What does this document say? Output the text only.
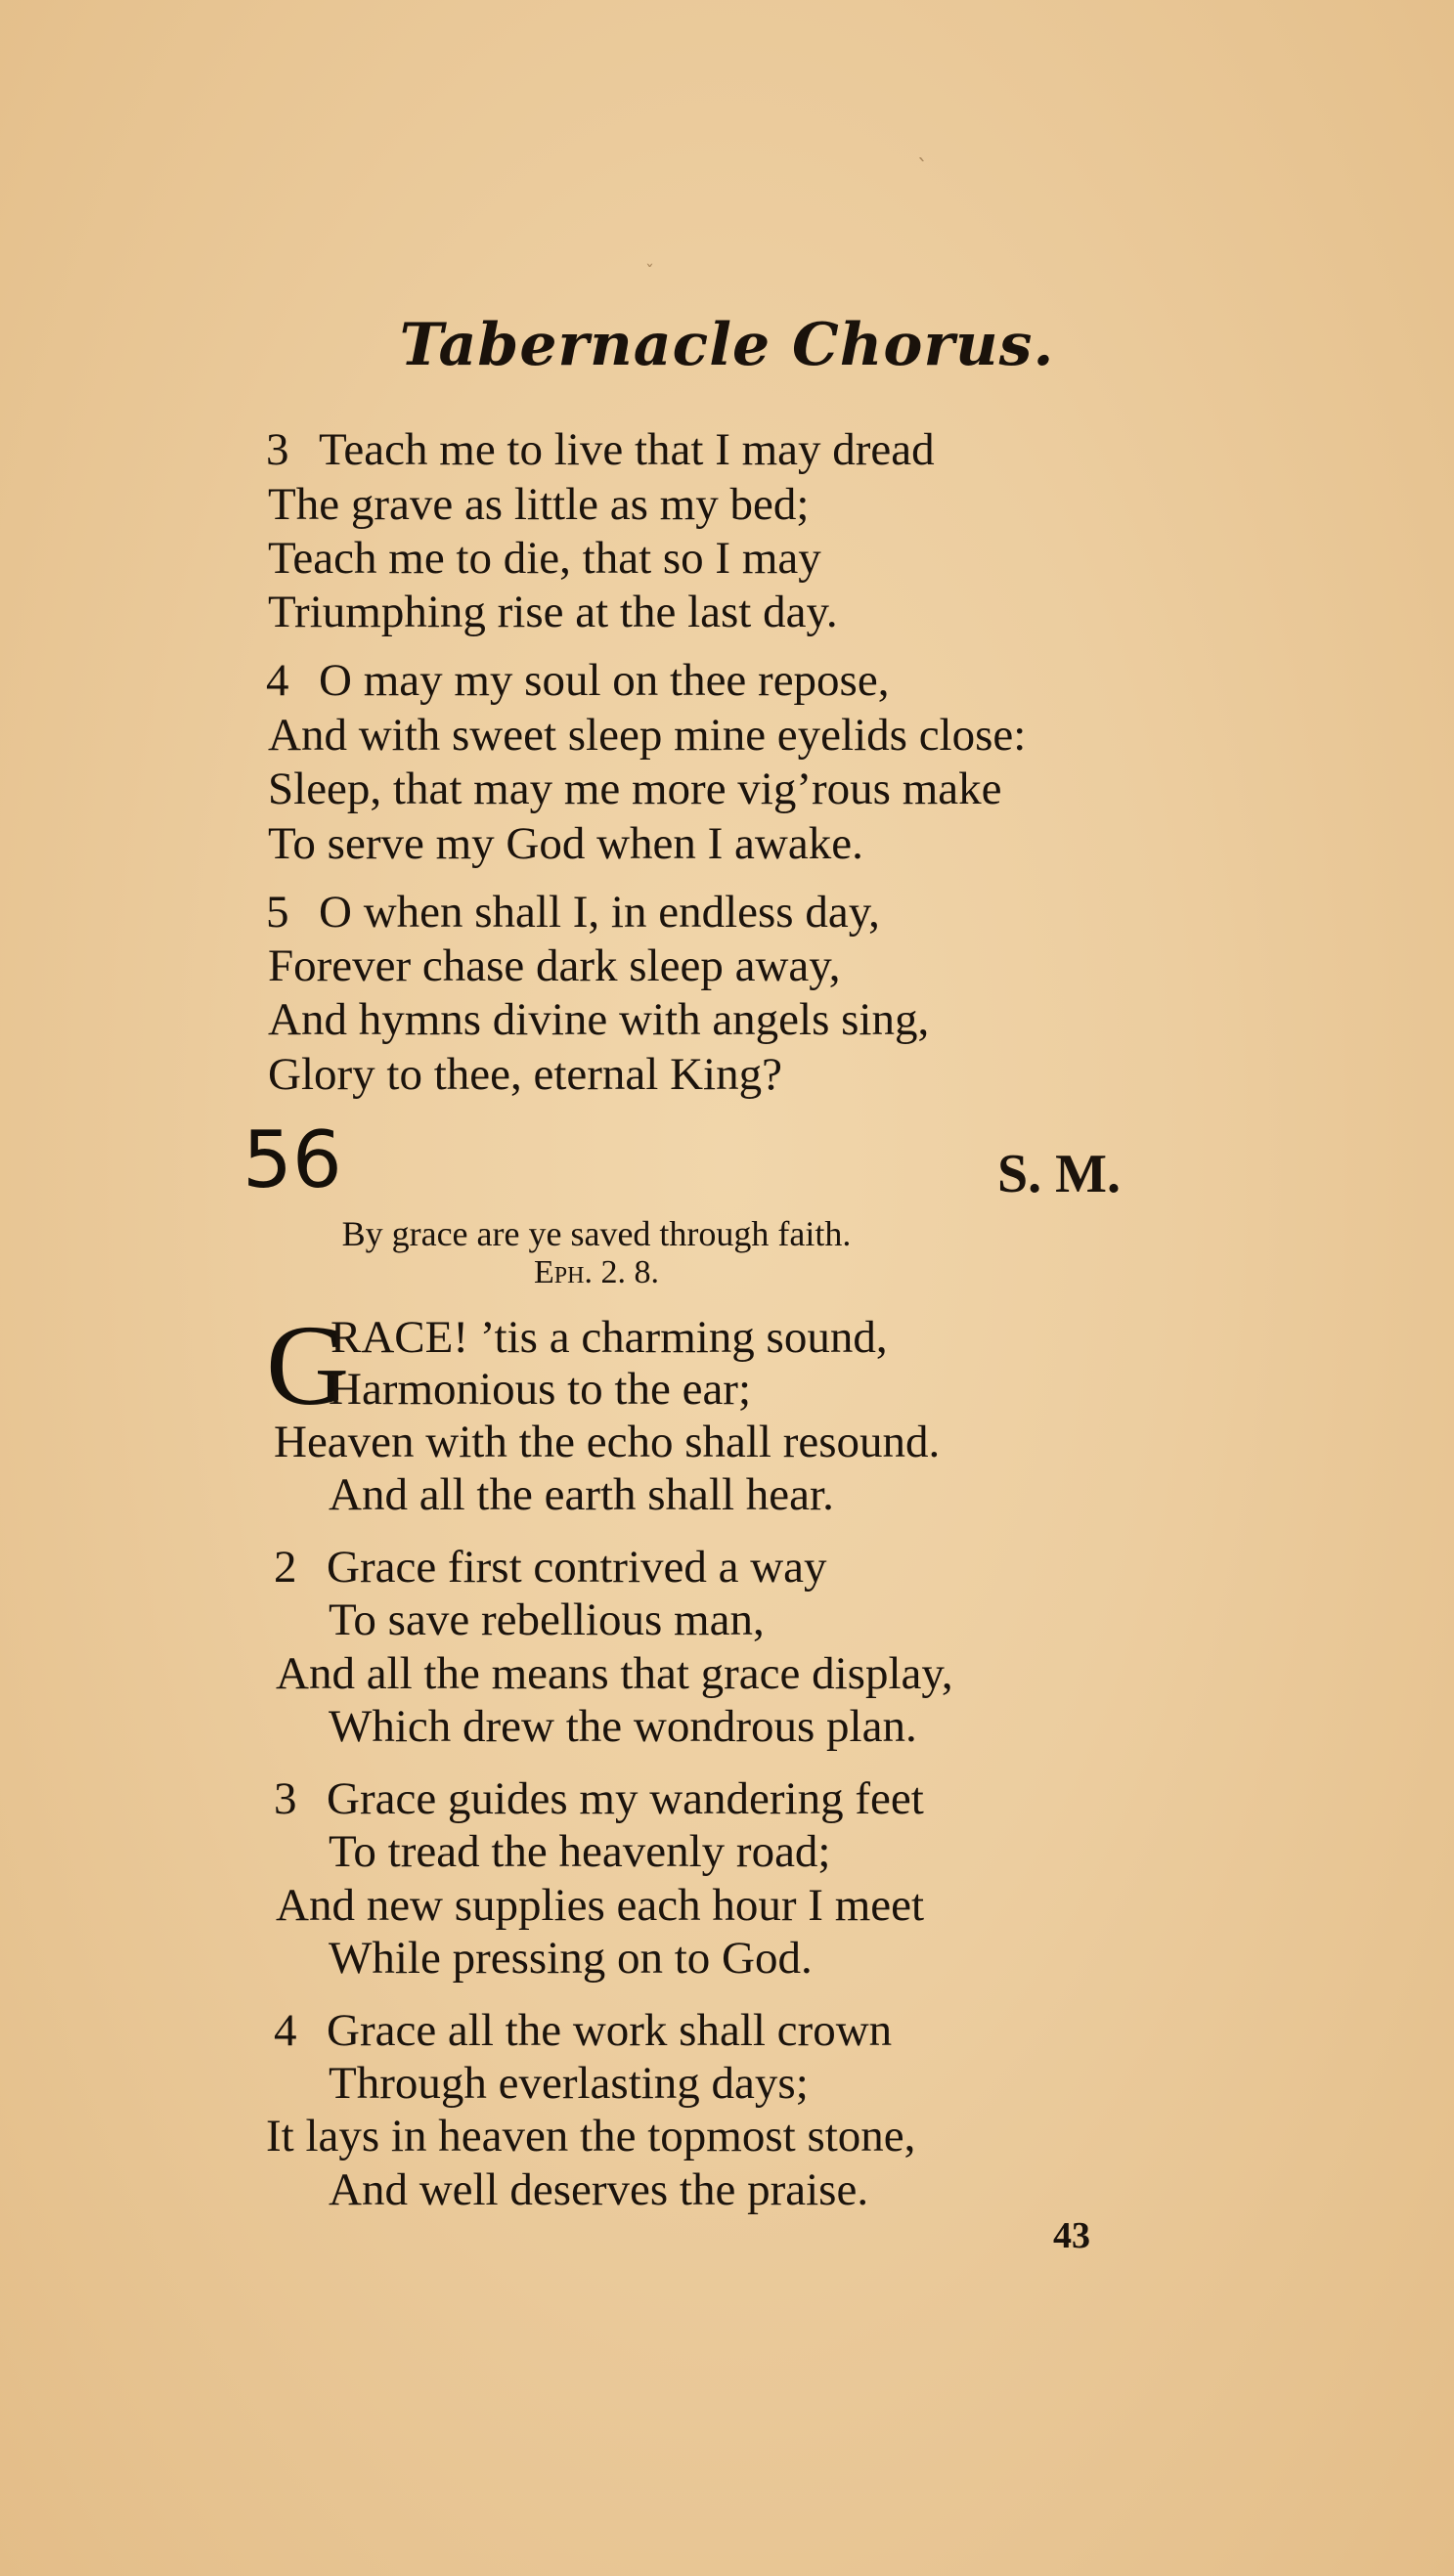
`
ˇ
Tabernacle Chorus.
3 Teach me to live that I may dread
The grave as little as my bed;
Teach me to die, that so I may
Triumphing rise at the last day.
4 O may my soul on thee repose,
And with sweet sleep mine eyelids close:
Sleep, that may me more vig’rous make
To serve my God when I awake.
5 O when shall I, in endless day,
Forever chase dark sleep away,
And hymns divine with angels sing,
Glory to thee, eternal King?
56	S. M.
By grace are ye saved through faith.
Eph. 2. 8.
G
RACE! ’tis a charming sound,
Harmonious to the ear;
Heaven with the echo shall resound.
And all the earth shall hear.
2 Grace first contrived a way
To save rebellious man,
And all the means that grace display,
Which drew the wondrous plan.
3 Grace guides my wandering feet
To tread the heavenly road;
And new supplies each hour I meet
While pressing on to God.
4 Grace all the work shall crown
Through everlasting days;
It lays in heaven the topmost stone,
And well deserves the praise.
43
